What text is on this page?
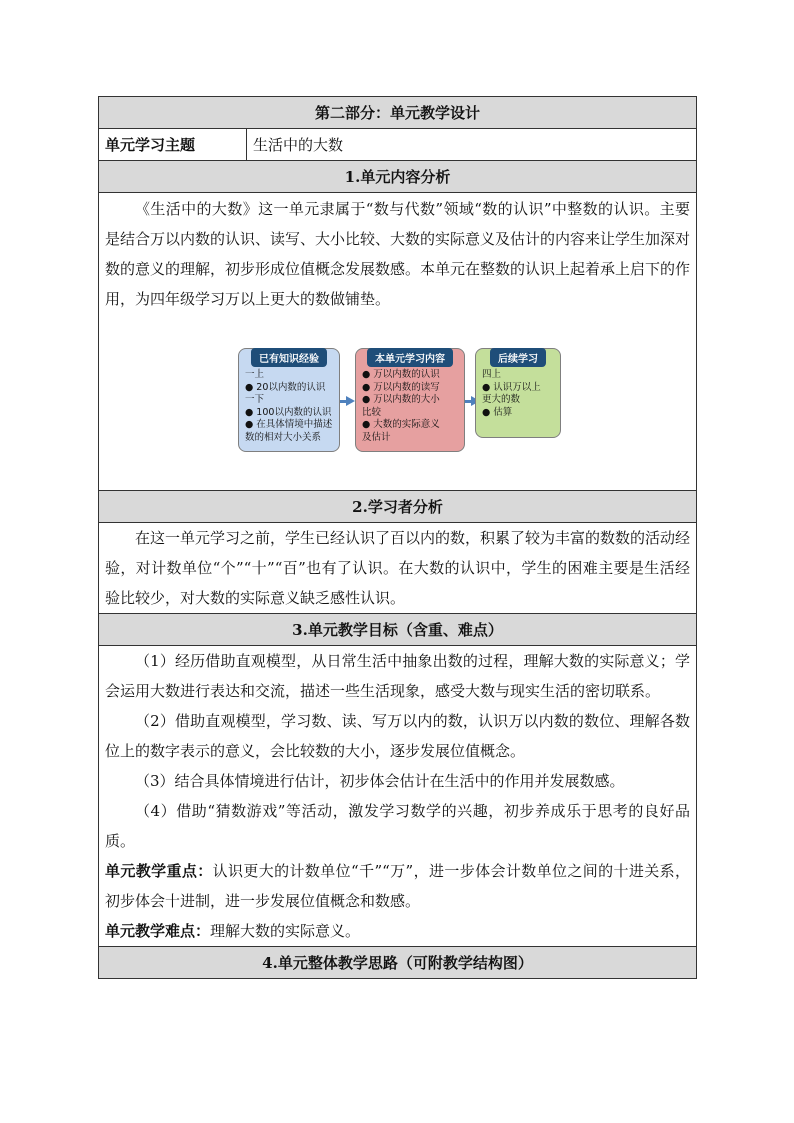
第二部分：单元教学设计
单元学习主题	生活中的大数
1.单元内容分析

《生活中的大数》这一单元隶属于“数与代数”领域“数的认识”中整数的认识。主要是结合万以内数的认识、读写、大小比较、大数的实际意义及估计的内容来让学生加深对数的意义的理解，初步形成位值概念发展数感。本单元在整数的认识上起着承上启下的作用，为四年级学习万以上更大的数做铺垫。

已有知识经验
一上
● 20以内数的认识
一下
● 100以内数的认识
● 在具体情境中描述
数的相对大小关系
本单元学习内容
● 万以内数的认识
● 万以内数的读写
● 万以内数的大小
比较
● 大数的实际意义
及估计
后续学习
四上
● 认识万以上
更大的数
● 估算

2.学习者分析

在这一单元学习之前，学生已经认识了百以内的数，积累了较为丰富的数数的活动经验，对计数单位“个”“十”“百”也有了认识。在大数的认识中，学生的困难主要是生活经验比较少，对大数的实际意义缺乏感性认识。

3.单元教学目标（含重、难点）

（1）经历借助直观模型，从日常生活中抽象出数的过程，理解大数的实际意义；学会运用大数进行表达和交流，描述一些生活现象，感受大数与现实生活的密切联系。

（2）借助直观模型，学习数、读、写万以内的数，认识万以内数的数位、理解各数位上的数字表示的意义，会比较数的大小，逐步发展位值概念。

（3）结合具体情境进行估计，初步体会估计在生活中的作用并发展数感。

（4）借助“猜数游戏”等活动，激发学习数学的兴趣，初步养成乐于思考的良好品质。

单元教学重点：认识更大的计数单位“千”“万”，进一步体会计数单位之间的十进关系，初步体会十进制，进一步发展位值概念和数感。

单元教学难点：理解大数的实际意义。

4.单元整体教学思路（可附教学结构图）
